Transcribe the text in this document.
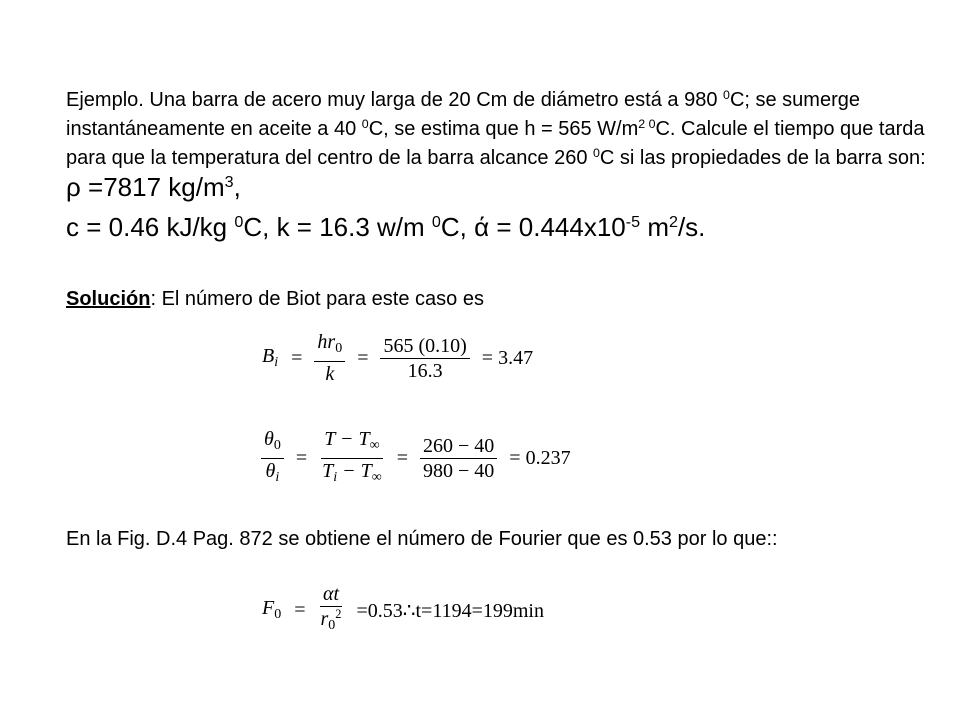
Ejemplo. Una barra de acero muy larga de 20 Cm de diámetro está a 980 $^0$C; se sumerge instantáneamente en aceite a 40 $^0$C, se estima que h = 565 $W/m^{2 0}C$. Calcule el tiempo que tarda para que la temperatura del centro de la barra alcance 260 $^0$C si las propiedades de la barra son: ρ =7817 $kg/m^3$,

c = 0.46 kJ/kg $^0$C, k = 16.3 w/m $^0$C, $ά = 0.444x10^{-5}$ $m^2/s$.

Solución: El número de Biot para este caso es

$B_i = \frac{hr_0}{k} = \frac{565 (0.10)}{16.3} = 3.47$
$\frac{\theta_0}{\theta_i} = \frac{T - T_\infty}{T_i - T_\infty} = \frac{260 - 40}{980 - 40} = 0.237$

En la Fig. D.4 Pag. 872 se obtiene el número de Fourier que es 0.53 por lo que::

$F_0 = \frac{\alpha t}{r_0^2}$ =0.53∴t=1194=199min
